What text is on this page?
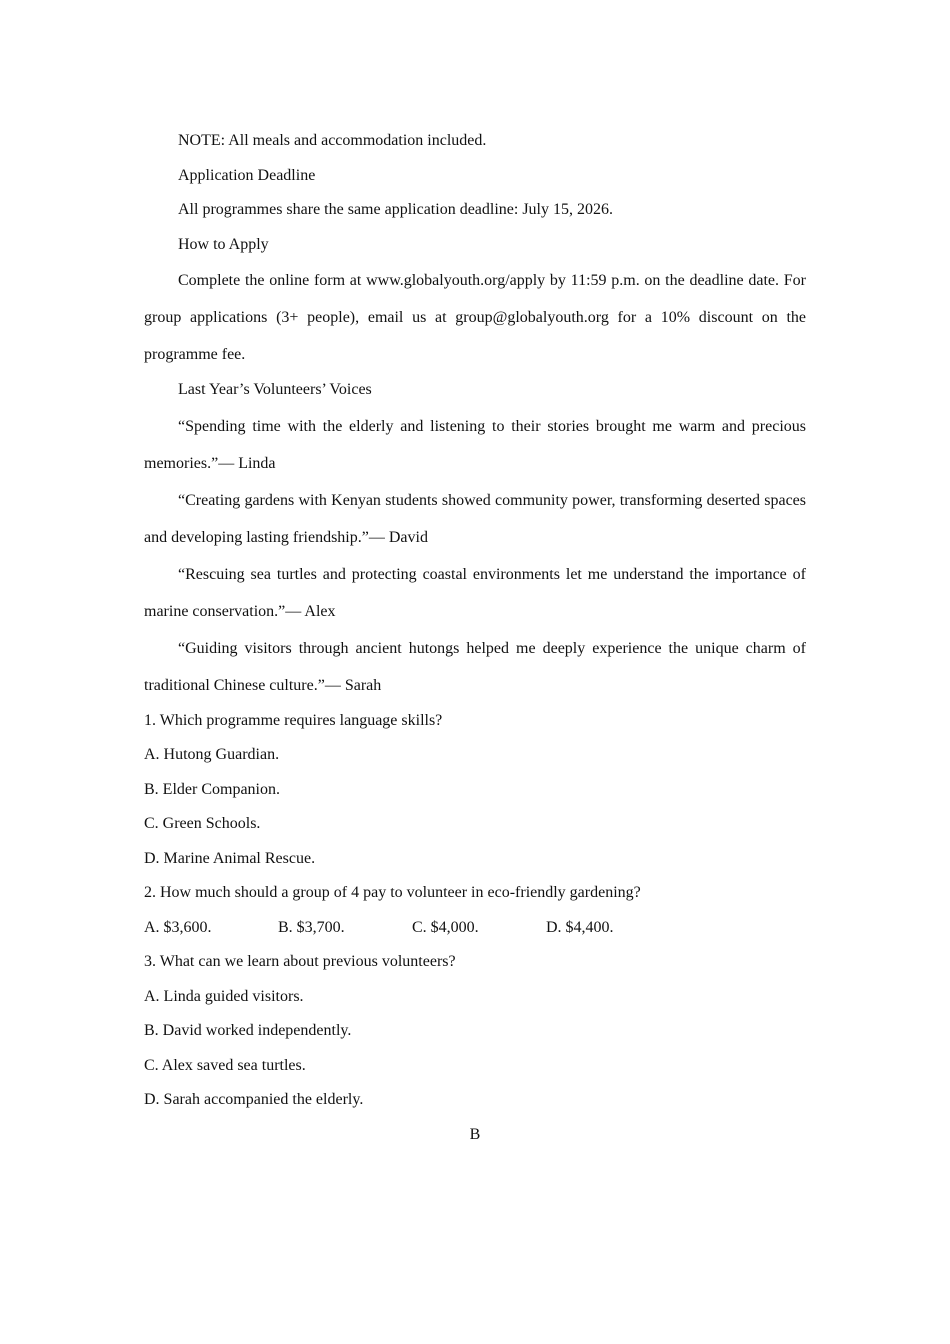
NOTE: All meals and accommodation included.

Application Deadline

All programmes share the same application deadline: July 15, 2026.

How to Apply

Complete the online form at www.globalyouth.org/apply by 11:59 p.m. on the deadline date. For group applications (3+ people), email us at group@globalyouth.org for a 10% discount on the programme fee.

Last Year’s Volunteers’ Voices

“Spending time with the elderly and listening to their stories brought me warm and precious memories.”— Linda

“Creating gardens with Kenyan students showed community power, transforming deserted spaces and developing lasting friendship.”— David

“Rescuing sea turtles and protecting coastal environments let me understand the importance of marine conservation.”— Alex

“Guiding visitors through ancient hutongs helped me deeply experience the unique charm of traditional Chinese culture.”— Sarah

1. Which programme requires language skills?

A. Hutong Guardian.

B. Elder Companion.

C. Green Schools.

D. Marine Animal Rescue.

2. How much should a group of 4 pay to volunteer in eco-friendly gardening?

A. $3,600.	B. $3,700.	C. $4,000.	D. $4,400.

3. What can we learn about previous volunteers?

A. Linda guided visitors.

B. David worked independently.

C. Alex saved sea turtles.

D. Sarah accompanied the elderly.

B
